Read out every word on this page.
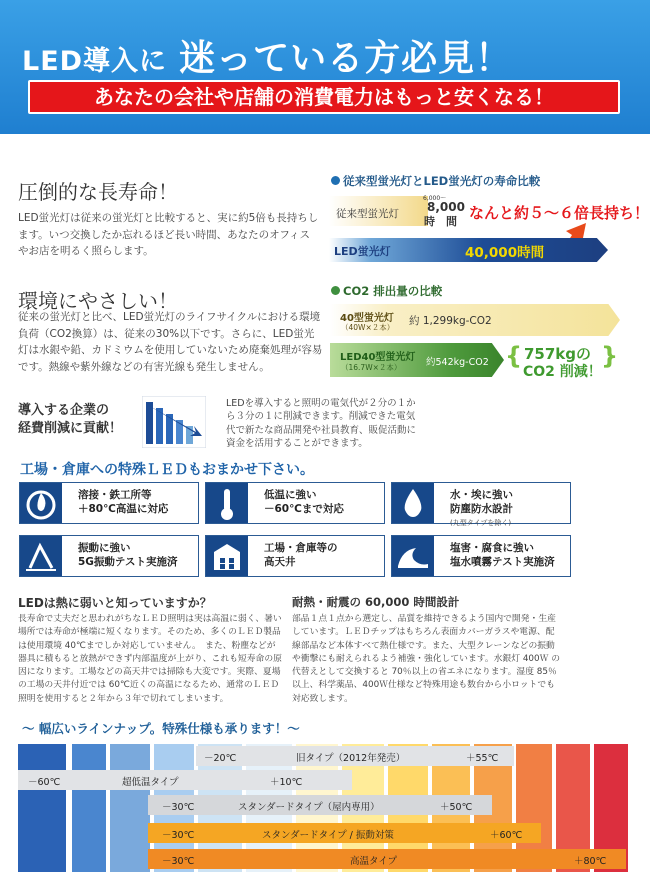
LED導入に 迷っている方必見！
あなたの会社や店舗の消費電力はもっと安くなる！
圧倒的な長寿命！
LED蛍光灯は従来の蛍光灯と比較すると、実に約5倍も長持ちします。いつ交換したか忘れるほど長い時間、あなたのオフィスやお店を明るく照らします。
従来型蛍光灯とLED蛍光灯の寿命比較
従来型蛍光灯
6,000～
8,000
時　間 なんと約５～６倍長持ち！
LED蛍光灯	40,000時間
環境にやさしい！
従来の蛍光灯と比べ、LED蛍光灯のライフサイクルにおける環境負荷（CO2換算）は、従来の30%以下です。さらに、LED蛍光灯は水銀や鉛、カドミウムを使用していないため廃棄処理が容易です。熱線や紫外線などの有害光線も発生しません。
CO2 排出量の比較
40型蛍光灯
（40W×２本）
約 1,299kg-CO2
LED40型蛍光灯
（16.7W×２本）	約542kg-CO2 { 757kgの
CO2 削減！
}
導入する企業の
経費削減に貢献！
LEDを導入すると照明の電気代が２分の１から３分の１に削減できます。削減できた電気代で新たな商品開発や社員教育、販促活動に資金を活用することができます。
工場・倉庫への特殊ＬＥＤもおまかせ下さい。
溶接・鉄工所等
＋80℃高温に対応
低温に強い
－60℃まで対応
水・埃に強い
防塵防水設計
(丸型タイプを除く)
振動に強い
5G振動テスト実施済
工場・倉庫等の
高天井
塩害・腐食に強い
塩水噴霧テスト実施済
LEDは熱に弱いと知っていますか？
長寿命で丈夫だと思われがちなＬＥＤ照明は実は高温に弱く、暑い場所では寿命が極端に短くなります。そのため、多くのＬＥＤ製品は使用環境 40℃までしか対応していません。　また、粉塵などが器具に積もると放熱ができず内部温度が上がり、これも短寿命の原因になります。工場などの高天井では掃除も大変です。実際、夏場の工場の天井付近では 60℃近くの高温になるため、通常のＬＥＤ照明を使用すると２年から３年で切れてしまいます。
耐熱・耐震の 60,000 時間設計
部品１点１点から選定し、品質を維持できるよう国内で開発・生産しています。ＬＥＤチップはもちろん表面カバーガラスや電源、配線部品など本体すべて熱仕様です。また、大型クレーンなどの振動や衝撃にも耐えられるよう補強・強化しています。水銀灯 400Ｗ の代替えとして交換すると 70％以上の省エネになります。湿度 85％以上、科学薬品、400Ｗ仕様など特殊用途も数台から小ロットでも対応致します。
～ 幅広いラインナップ。特殊仕様も承ります！～
－20℃	旧タイプ（2012年発売）	＋55℃
－60℃	超低温タイプ	＋10℃
－30℃	スタンダードタイプ（屋内専用）	＋50℃
－30℃	スタンダードタイプ / 振動対策	＋60℃
－30℃	高温タイプ	＋80℃
